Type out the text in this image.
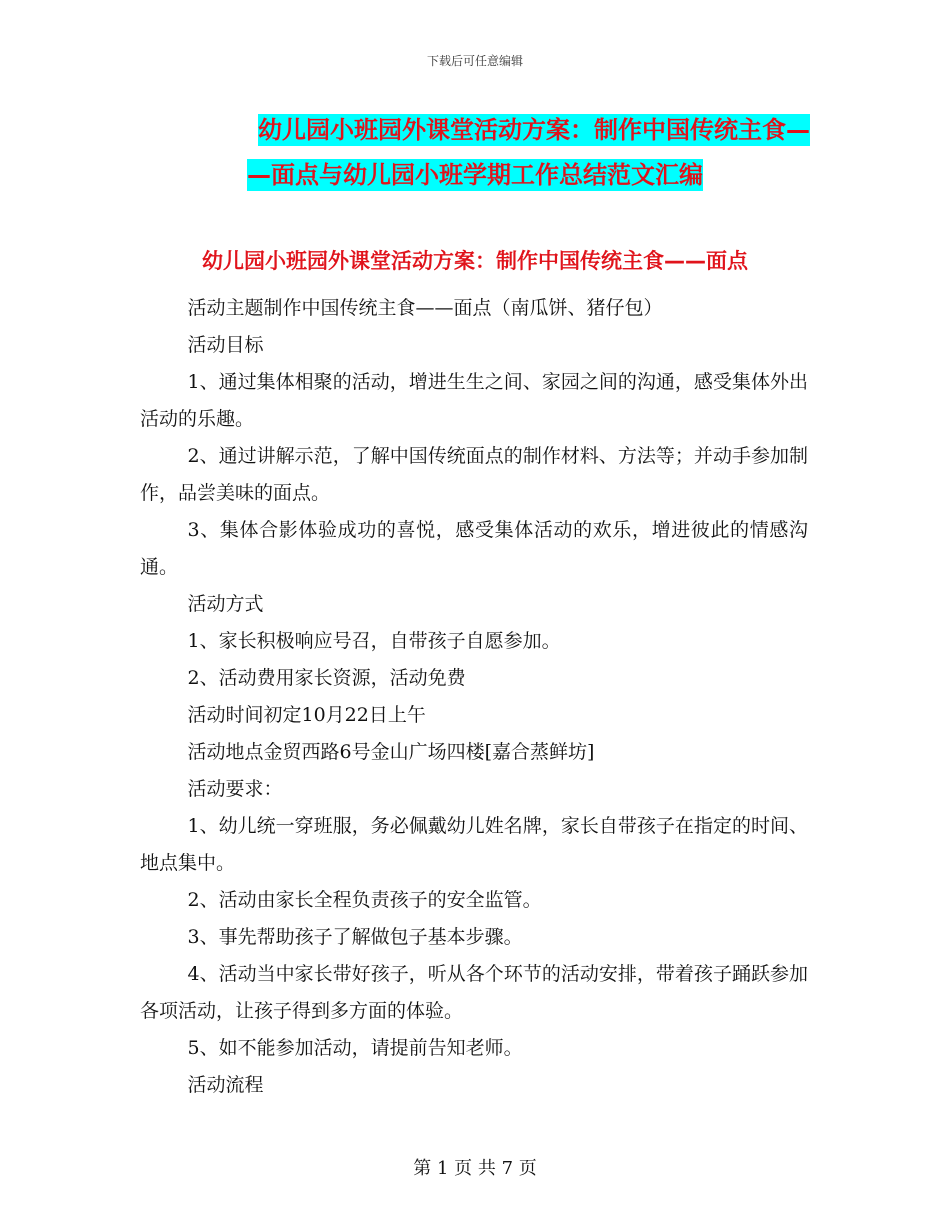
下载后可任意编辑
幼儿园小班园外课堂活动方案：制作中国传统主食—
—面点与幼儿园小班学期工作总结范文汇编
幼儿园小班园外课堂活动方案：制作中国传统主食——面点

活动主题制作中国传统主食——面点（南瓜饼、猪仔包）

活动目标

1、通过集体相聚的活动，增进生生之间、家园之间的沟通，感受集体外出活动的乐趣。

2、通过讲解示范，了解中国传统面点的制作材料、方法等；并动手参加制作，品尝美味的面点。

3、集体合影体验成功的喜悦，感受集体活动的欢乐，增进彼此的情感沟通。

活动方式

1、家长积极响应号召，自带孩子自愿参加。

2、活动费用家长资源，活动免费

活动时间初定10月22日上午

活动地点金贸西路6号金山广场四楼[嘉合蒸鲜坊]

活动要求：

1、幼儿统一穿班服，务必佩戴幼儿姓名牌，家长自带孩子在指定的时间、地点集中。

2、活动由家长全程负责孩子的安全监管。

3、事先帮助孩子了解做包子基本步骤。

4、活动当中家长带好孩子，听从各个环节的活动安排，带着孩子踊跃参加各项活动，让孩子得到多方面的体验。

5、如不能参加活动，请提前告知老师。

活动流程

第 1 页 共 7 页
